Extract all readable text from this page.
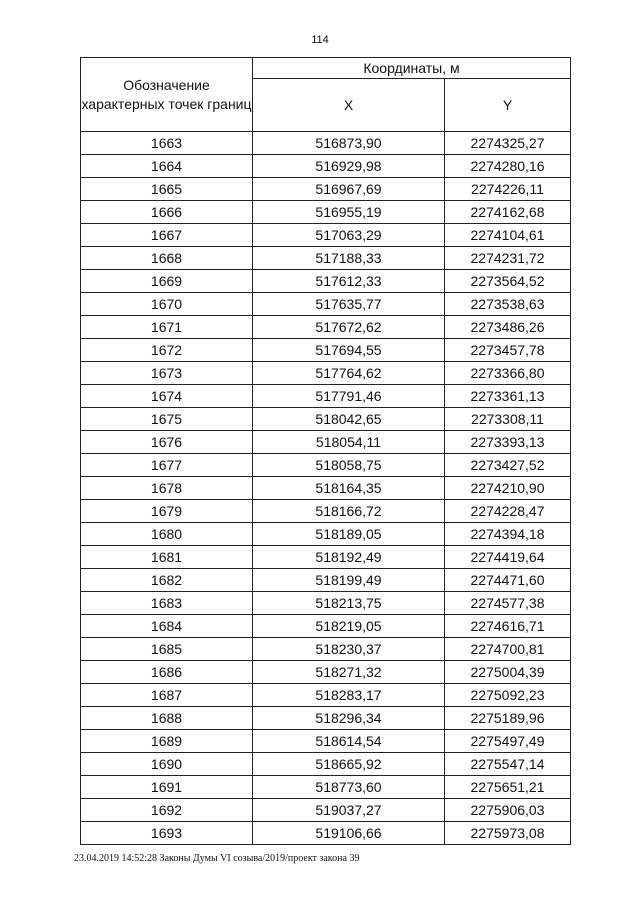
114
Обозначение характерных точек границ	Координаты, м	
	X	Y
1663	516873,90	2274325,27
1664	516929,98	2274280,16
1665	516967,69	2274226,11
1666	516955,19	2274162,68
1667	517063,29	2274104,61
1668	517188,33	2274231,72
1669	517612,33	2273564,52
1670	517635,77	2273538,63
1671	517672,62	2273486,26
1672	517694,55	2273457,78
1673	517764,62	2273366,80
1674	517791,46	2273361,13
1675	518042,65	2273308,11
1676	518054,11	2273393,13
1677	518058,75	2273427,52
1678	518164,35	2274210,90
1679	518166,72	2274228,47
1680	518189,05	2274394,18
1681	518192,49	2274419,64
1682	518199,49	2274471,60
1683	518213,75	2274577,38
1684	518219,05	2274616,71
1685	518230,37	2274700,81
1686	518271,32	2275004,39
1687	518283,17	2275092,23
1688	518296,34	2275189,96
1689	518614,54	2275497,49
1690	518665,92	2275547,14
1691	518773,60	2275651,21
1692	519037,27	2275906,03
1693	519106,66	2275973,08
23.04.2019 14:52:28 Законы Думы VI созыва/2019/проект закона 39
